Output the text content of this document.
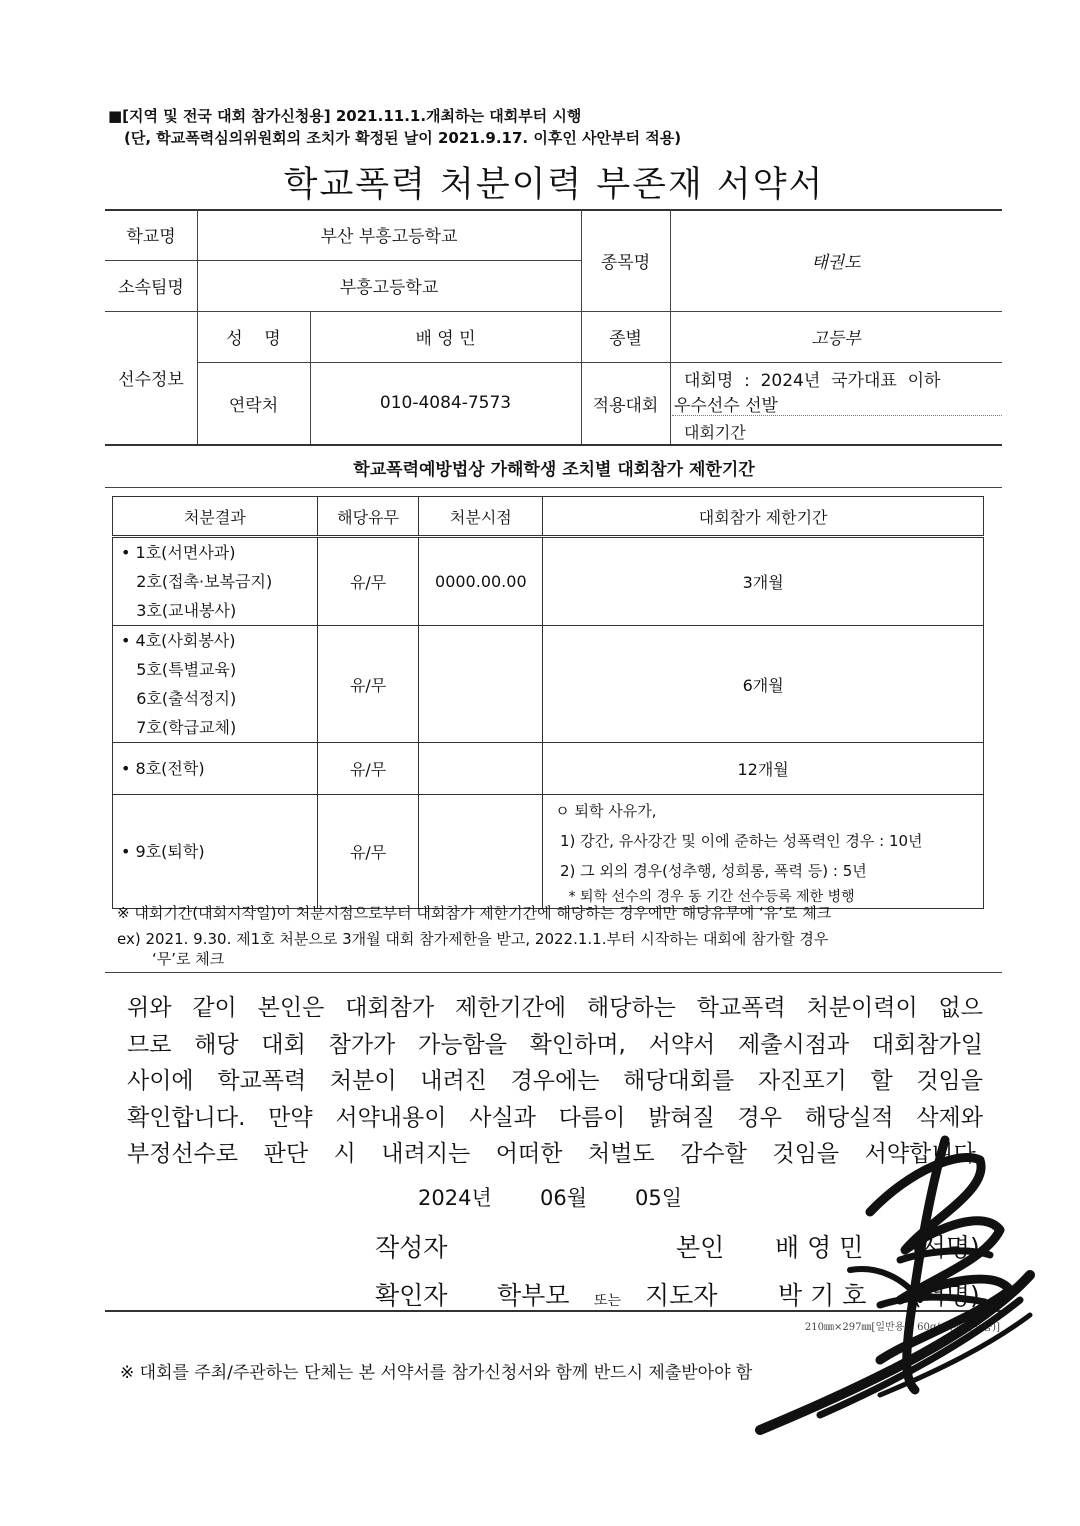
■[지역 및 전국 대회 참가신청용] 2021.11.1.개최하는 대회부터 시행
(단, 학교폭력심의위원회의 조치가 확정된 날이 2021.9.17. 이후인 사안부터 적용)
학교폭력 처분이력 부존재 서약서
학교명	부산 부흥고등학교
소속팀명	부흥고등학교
종목명	태권도
선수정보
성    명	배 영 민	종별	고등부
연락처	010-4084-7573	적용대회
대회명  :  2024년  국가대표  이하
우수선수 선발
대회기간
학교폭력예방법상 가해학생 조치별 대회참가 제한기간
처분결과	해당유무	처분시점	대회참가 제한기간

• 1호(서면사과)
2호(접촉·보복금지)
3호(교내봉사)	유/무	0000.00.00	3개월

• 4호(사회봉사)
5호(특별교육)
6호(출석정지)
7호(학급교체)	유/무		6개월
• 8호(전학)	유/무		12개월
• 9호(퇴학)	유/무		ㅇ 퇴학 사유가,
1) 강간, 유사강간 및 이에 준하는 성폭력인 경우 : 10년
2) 그 외의 경우(성추행, 성희롱, 폭력 등) : 5년
* 퇴학 선수의 경우 동 기간 선수등록 제한 병행
※ 대회기간(대회시작일)이 처분시점으로부터 대회참가 제한기간에 해당하는 경우에만 해당유무에 ‘유’로 체크
ex) 2021. 9.30. 제1호 처분으로 3개월 대회 참가제한을 받고, 2022.1.1.부터 시작하는 대회에 참가할 경우
‘무’로 체크
위와 같이 본인은 대회참가 제한기간에 해당하는 학교폭력 처분이력이 없으
므로 해당 대회 참가가 가능함을 확인하며, 서약서 제출시점과 대회참가일
사이에 학교폭력 처분이 내려진 경우에는 해당대회를 자진포기 할 것임을
확인합니다. 만약 서약내용이 사실과 다름이 밝혀질 경우 해당실적 삭제와
부정선수로 판단 시 내려지는 어떠한 처벌도 감수할 것임을 서약합니다.
2024년 06월 05일
작성자	본인 배 영 민 (서명)
확인자 학부모 또는 지도자 박 기 호 (서명)
210㎜×297㎜[일반용지 60g/㎡(재활용품)]
※ 대회를 주최/주관하는 단체는 본 서약서를 참가신청서와 함께 반드시 제출받아야 함
